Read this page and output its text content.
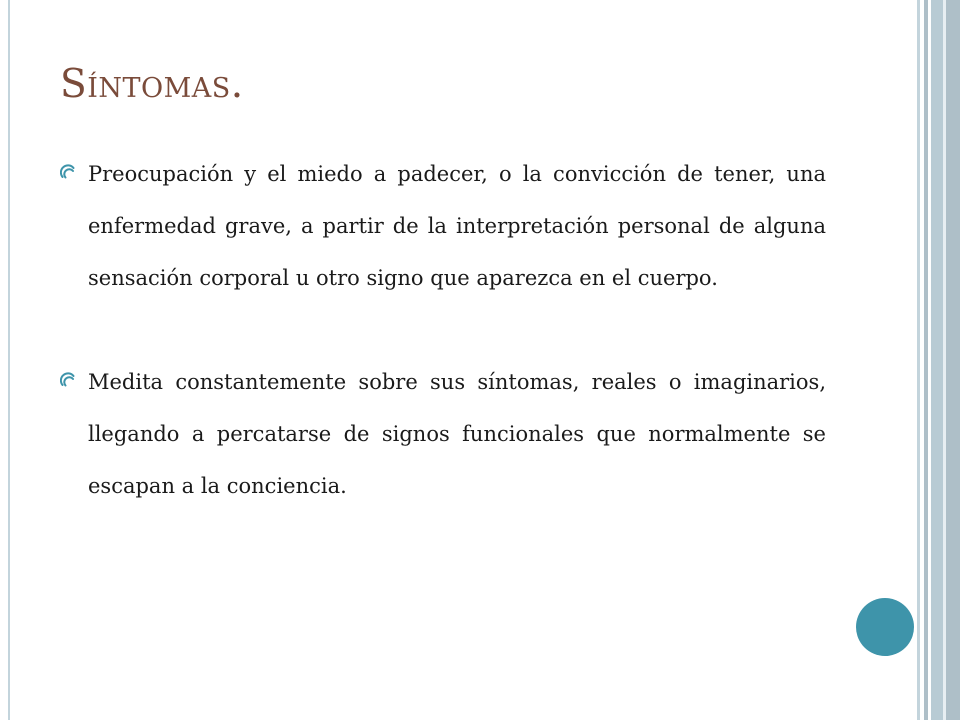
Síntomas.
Preocupación y el miedo a padecer, o la convicción de tener, una enfermedad grave, a partir de la interpretación personal de alguna sensación corporal u otro signo que aparezca en el cuerpo.
Medita constantemente sobre sus síntomas, reales o imaginarios, llegando a percatarse de signos funcionales que normalmente se escapan a la conciencia.
